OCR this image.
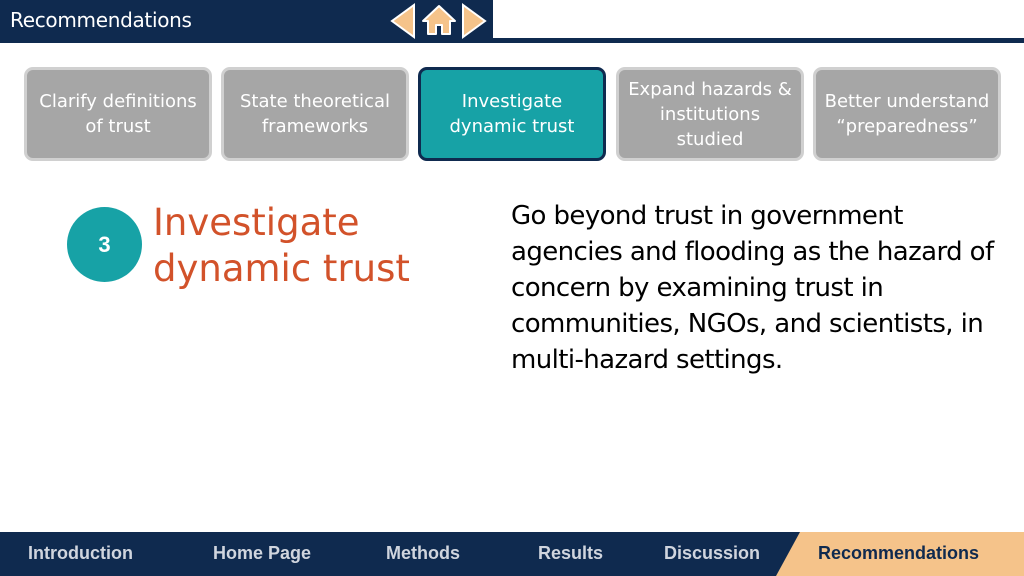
Recommendations
Clarify definitions of trust
State theoretical frameworks
Investigate dynamic trust
Expand hazards & institutions studied
Better understand “preparedness”
3	Investigate dynamic trust
Go beyond trust in government agencies and flooding as the hazard of concern by examining trust in communities, NGOs, and scientists, in multi-hazard settings.
Introduction	Home Page	Methods	Results	Discussion	Recommendations
